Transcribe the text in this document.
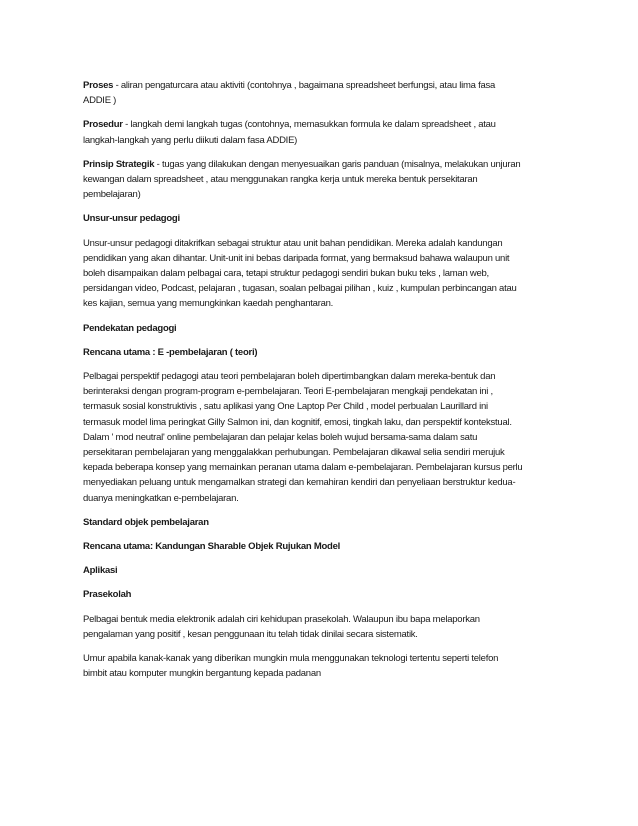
Proses - aliran pengaturcara atau aktiviti (contohnya , bagaimana spreadsheet berfungsi, atau lima fasa ADDIE )

Prosedur - langkah demi langkah tugas (contohnya, memasukkan formula ke dalam spreadsheet , atau langkah-langkah yang perlu diikuti dalam fasa ADDIE)

Prinsip Strategik - tugas yang dilakukan dengan menyesuaikan garis panduan (misalnya, melakukan unjuran kewangan dalam spreadsheet , atau menggunakan rangka kerja untuk mereka bentuk persekitaran pembelajaran)

Unsur-unsur pedagogi

Unsur-unsur pedagogi ditakrifkan sebagai struktur atau unit bahan pendidikan. Mereka adalah kandungan pendidikan yang akan dihantar. Unit-unit ini bebas daripada format, yang bermaksud bahawa walaupun unit boleh disampaikan dalam pelbagai cara, tetapi struktur pedagogi sendiri bukan buku teks , laman web, persidangan video, Podcast, pelajaran , tugasan, soalan pelbagai pilihan , kuiz , kumpulan perbincangan atau kes kajian, semua yang memungkinkan kaedah penghantaran.

Pendekatan pedagogi

Rencana utama : E -pembelajaran ( teori)

Pelbagai perspektif pedagogi atau teori pembelajaran boleh dipertimbangkan dalam mereka-bentuk dan berinteraksi dengan program-program e-pembelajaran. Teori E-pembelajaran mengkaji pendekatan ini , termasuk sosial konstruktivis , satu aplikasi yang One Laptop Per Child , model perbualan Laurillard ini termasuk model lima peringkat Gilly Salmon ini, dan kognitif, emosi, tingkah laku, dan perspektif kontekstual. Dalam ' mod neutral' online pembelajaran dan pelajar kelas boleh wujud bersama-sama dalam satu persekitaran pembelajaran yang menggalakkan perhubungan. Pembelajaran dikawal selia sendiri merujuk kepada beberapa konsep yang memainkan peranan utama dalam e-pembelajaran. Pembelajaran kursus perlu menyediakan peluang untuk mengamalkan strategi dan kemahiran kendiri dan penyeliaan berstruktur kedua-duanya meningkatkan e-pembelajaran.

Standard objek pembelajaran

Rencana utama: Kandungan Sharable Objek Rujukan Model

Aplikasi

Prasekolah

Pelbagai bentuk media elektronik adalah ciri kehidupan prasekolah. Walaupun ibu bapa melaporkan pengalaman yang positif , kesan penggunaan itu telah tidak dinilai secara sistematik.

Umur apabila kanak-kanak yang diberikan mungkin mula menggunakan teknologi tertentu seperti telefon bimbit atau komputer mungkin bergantung kepada padanan
